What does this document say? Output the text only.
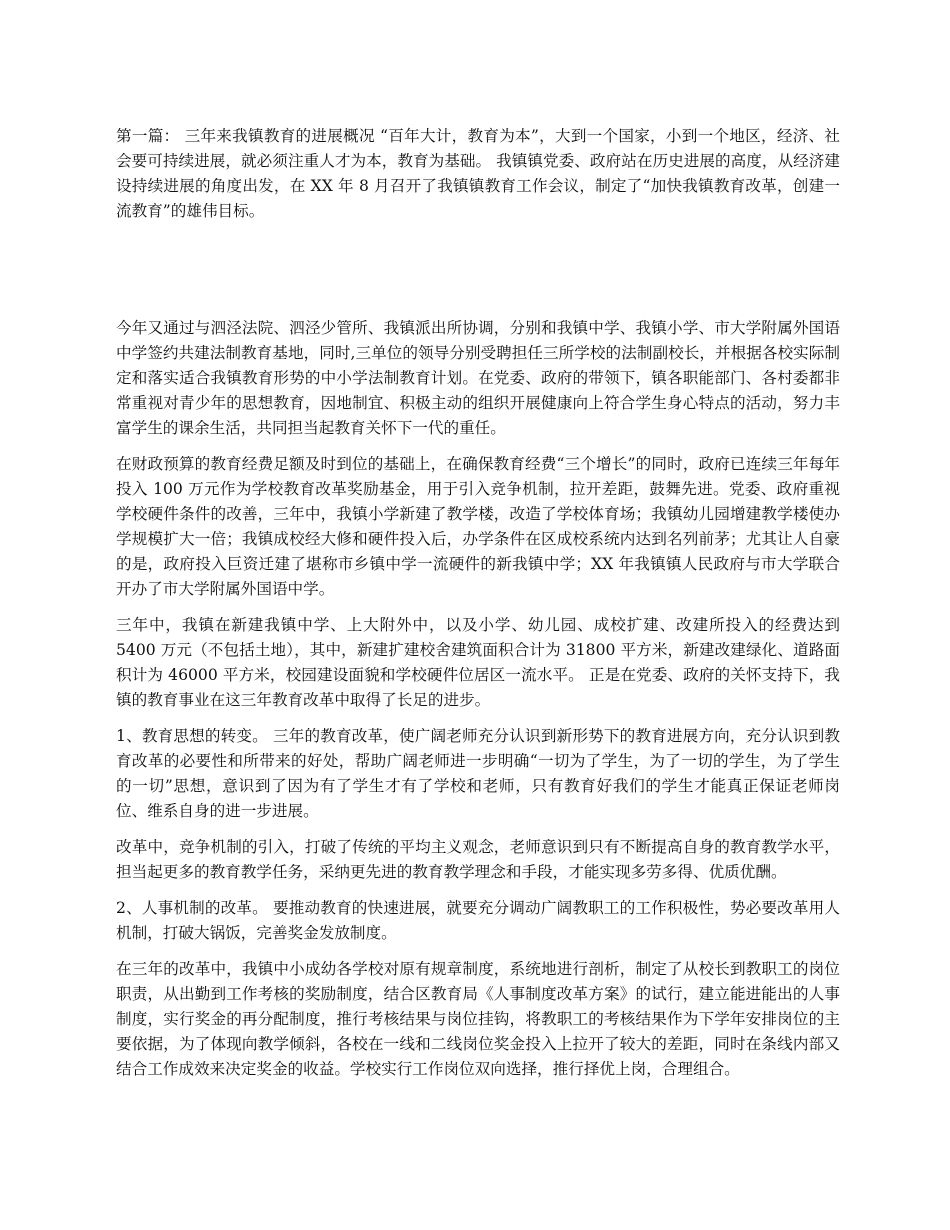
第一篇： 三年来我镇教育的进展概况 “百年大计，教育为本”，大到一个国家，小到一个地区，经济、社会要可持续进展，就必须注重人才为本，教育为基础。 我镇镇党委、政府站在历史进展的高度，从经济建设持续进展的角度出发，在 XX 年 8 月召开了我镇镇教育工作会议，制定了“加快我镇教育改革，创建一流教育”的雄伟目标。

今年又通过与泗泾法院、泗泾少管所、我镇派出所协调，分别和我镇中学、我镇小学、市大学附属外国语中学签约共建法制教育基地，同时,三单位的领导分别受聘担任三所学校的法制副校长，并根据各校实际制定和落实适合我镇教育形势的中小学法制教育计划。在党委、政府的带领下，镇各职能部门、各村委都非常重视对青少年的思想教育，因地制宜、积极主动的组织开展健康向上符合学生身心特点的活动，努力丰富学生的课余生活，共同担当起教育关怀下一代的重任。

在财政预算的教育经费足额及时到位的基础上，在确保教育经费“三个增长”的同时，政府已连续三年每年投入 100 万元作为学校教育改革奖励基金，用于引入竞争机制，拉开差距，鼓舞先进。党委、政府重视学校硬件条件的改善，三年中，我镇小学新建了教学楼，改造了学校体育场；我镇幼儿园增建教学楼使办学规模扩大一倍；我镇成校经大修和硬件投入后，办学条件在区成校系统内达到名列前茅；尤其让人自豪的是，政府投入巨资迁建了堪称市乡镇中学一流硬件的新我镇中学；XX 年我镇镇人民政府与市大学联合开办了市大学附属外国语中学。

三年中，我镇在新建我镇中学、上大附外中，以及小学、幼儿园、成校扩建、改建所投入的经费达到 5400 万元（不包括土地），其中，新建扩建校舍建筑面积合计为 31800 平方米，新建改建绿化、道路面积计为 46000 平方米，校园建设面貌和学校硬件位居区一流水平。 正是在党委、政府的关怀支持下，我镇的教育事业在这三年教育改革中取得了长足的进步。

1、教育思想的转变。 三年的教育改革，使广阔老师充分认识到新形势下的教育进展方向，充分认识到教育改革的必要性和所带来的好处，帮助广阔老师进一步明确“一切为了学生，为了一切的学生，为了学生的一切”思想，意识到了因为有了学生才有了学校和老师，只有教育好我们的学生才能真正保证老师岗位、维系自身的进一步进展。

改革中，竞争机制的引入，打破了传统的平均主义观念，老师意识到只有不断提高自身的教育教学水平，担当起更多的教育教学任务，采纳更先进的教育教学理念和手段，才能实现多劳多得、优质优酬。

2、人事机制的改革。 要推动教育的快速进展，就要充分调动广阔教职工的工作积极性，势必要改革用人机制，打破大锅饭，完善奖金发放制度。

在三年的改革中，我镇中小成幼各学校对原有规章制度，系统地进行剖析，制定了从校长到教职工的岗位职责，从出勤到工作考核的奖励制度，结合区教育局《人事制度改革方案》的试行，建立能进能出的人事制度，实行奖金的再分配制度，推行考核结果与岗位挂钩，将教职工的考核结果作为下学年安排岗位的主要依据，为了体现向教学倾斜，各校在一线和二线岗位奖金投入上拉开了较大的差距，同时在条线内部又结合工作成效来决定奖金的收益。学校实行工作岗位双向选择，推行择优上岗，合理组合。
